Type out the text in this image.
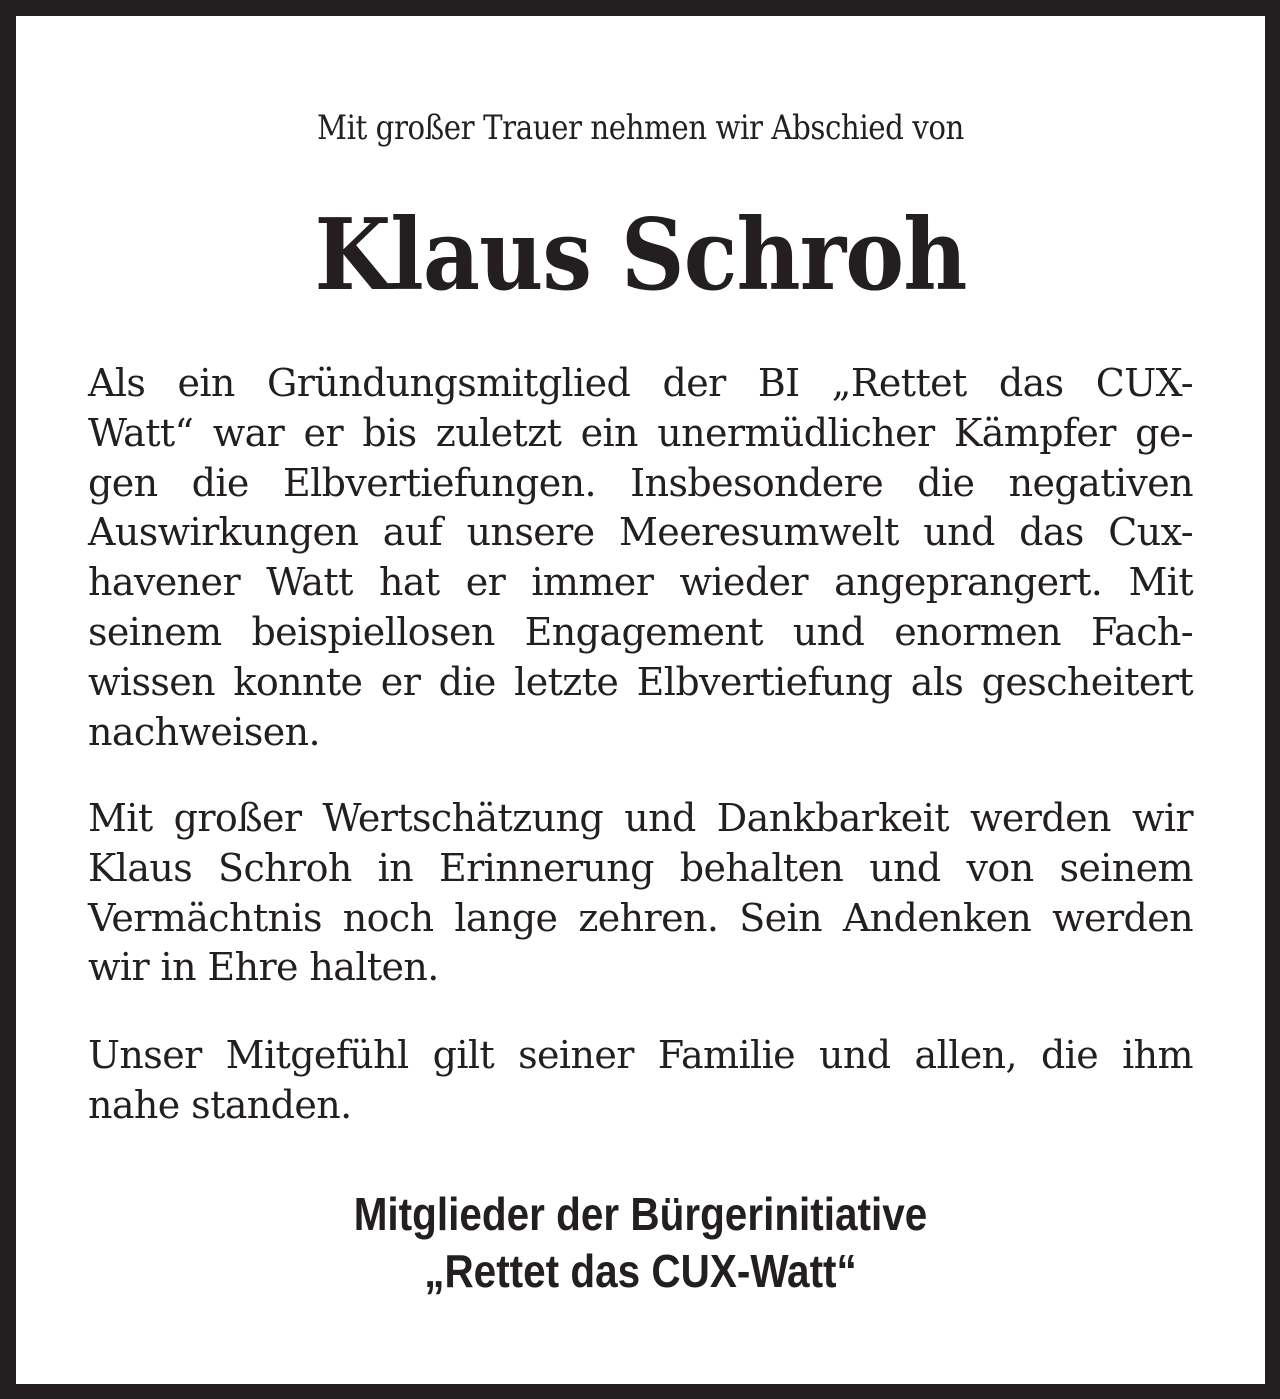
Mit großer Trauer nehmen wir Abschied von
Klaus Schroh
Als ein Gründungsmitglied der BI „Rettet das CUX-
Watt“ war er bis zuletzt ein unermüdlicher Kämpfer ge-
gen die Elbvertiefungen. Insbesondere die negativen
Auswirkungen auf unsere Meeresumwelt und das Cux-
havener Watt hat er immer wieder angeprangert. Mit
seinem beispiellosen Engagement und enormen Fach-
wissen konnte er die letzte Elbvertiefung als gescheitert
nachweisen.
Mit großer Wertschätzung und Dankbarkeit werden wir
Klaus Schroh in Erinnerung behalten und von seinem
Vermächtnis noch lange zehren. Sein Andenken werden
wir in Ehre halten.
Unser Mitgefühl gilt seiner Familie und allen, die ihm
nahe standen.
Mitglieder der Bürgerinitiative
„Rettet das CUX-Watt“
